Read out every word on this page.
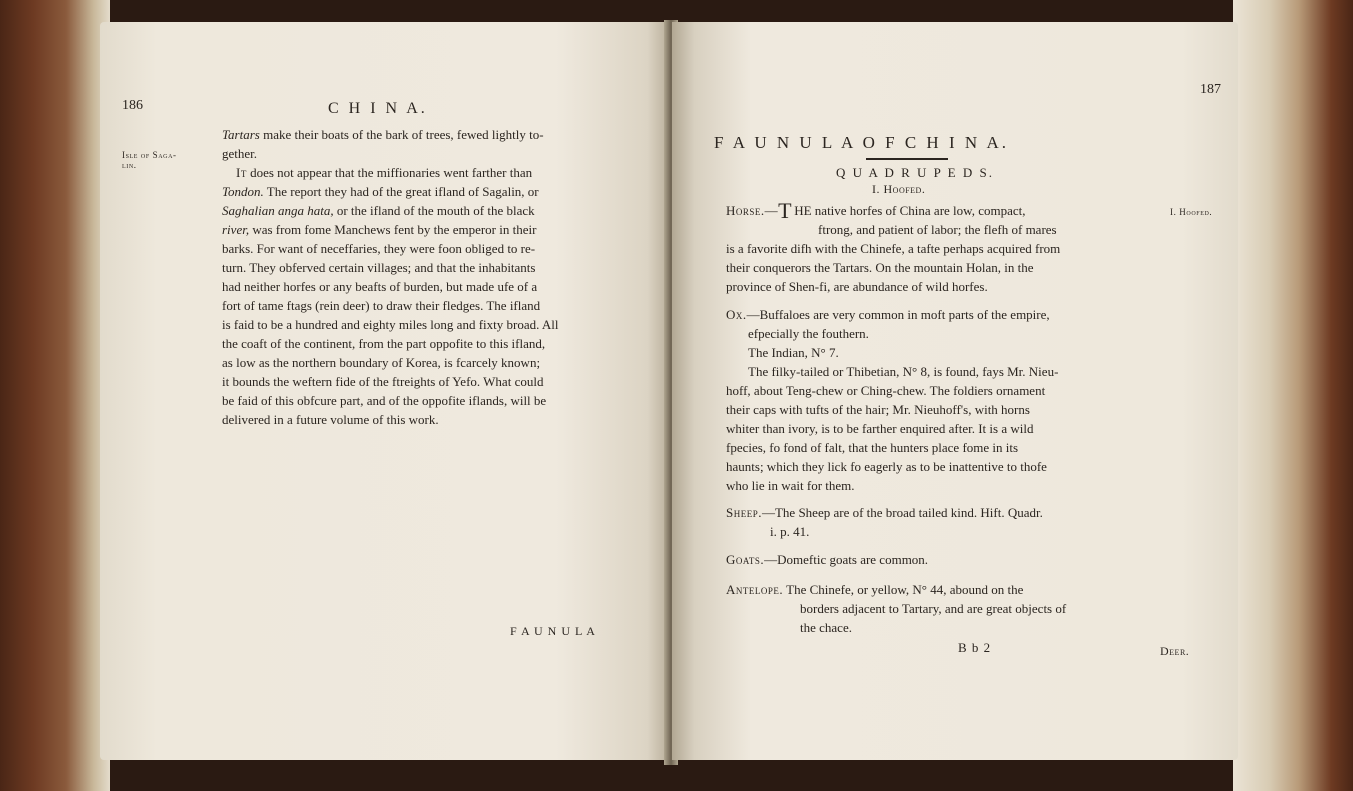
186	C H I N A.
Isle of Saga-
lin.
Tartars make their boats of the bark of trees, fewed lightly to-
gether.
It does not appear that the miffionaries went farther than
Tondon. The report they had of the great ifland of Sagalin, or
Saghalian anga hata, or the ifland of the mouth of the black
river, was from fome Manchews fent by the emperor in their
barks. For want of neceffaries, they were foon obliged to re-
turn. They obferved certain villages; and that the inhabitants
had neither horfes or any beafts of burden, but made ufe of a
fort of tame ftags (rein deer) to draw their fledges. The ifland
is faid to be a hundred and eighty miles long and fixty broad. All
the coaft of the continent, from the part oppofite to this ifland,
as low as the northern boundary of Korea, is fcarcely known;
it bounds the weftern fide of the ftreights of Yefo. What could
be faid of this obfcure part, and of the oppofite iflands, will be
delivered in a future volume of this work.
F A U N U L A
187
F A U N U L A O F C H I N A.
Q U A D R U P E D S.
I. Hoofed.
I. Hoofed.
Horse.—T  HE native horfes of China are low, compact,
ftrong, and patient of labor; the flefh of mares
is a favorite difh with the Chinefe, a tafte perhaps acquired from
their conquerors the Tartars. On the mountain Holan, in the
province of Shen-fi, are abundance of wild horfes.
Ox.—Buffaloes are very common in moft parts of the empire,
efpecially the fouthern.
The Indian, N° 7.
The filky-tailed or Thibetian, N° 8, is found, fays Mr. Nieu-
hoff, about Teng-chew or Ching-chew. The foldiers ornament
their caps with tufts of the hair; Mr. Nieuhoff's, with horns
whiter than ivory, is to be farther enquired after. It is a wild
fpecies, fo fond of falt, that the hunters place fome in its
haunts; which they lick fo eagerly as to be inattentive to thofe
who lie in wait for them.
Sheep.—The Sheep are of the broad tailed kind. Hift. Quadr.
i. p. 41.
Goats.—Domeftic goats are common.
Antelope. The Chinefe, or yellow, N° 44, abound on the
borders adjacent to Tartary, and are great objects of
the chace.
B b 2	Deer.
